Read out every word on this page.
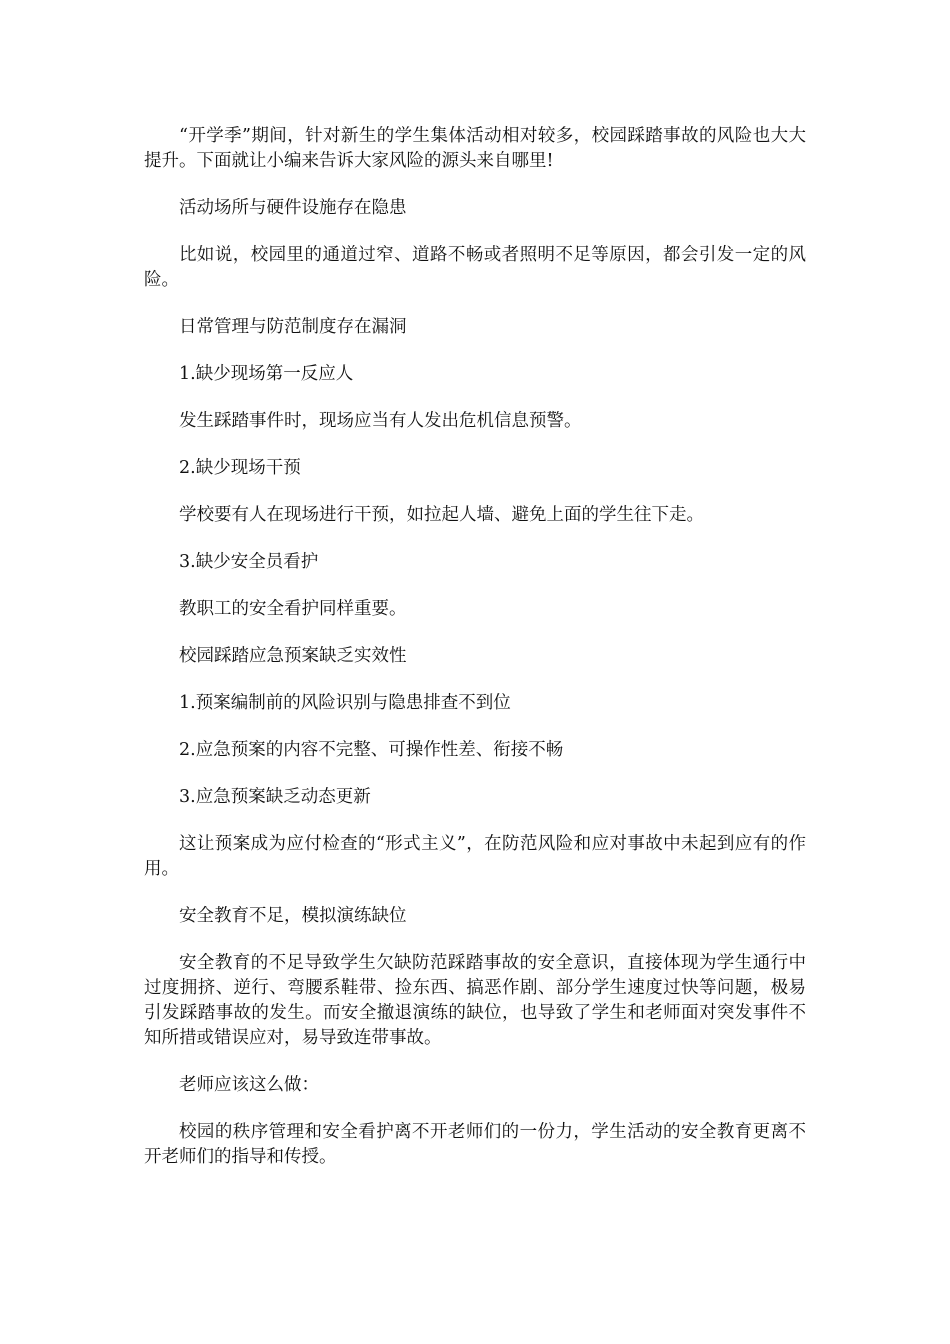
“开学季”期间，针对新生的学生集体活动相对较多，校园踩踏事故的风险也大大提升。下面就让小编来告诉大家风险的源头来自哪里!

活动场所与硬件设施存在隐患

比如说，校园里的通道过窄、道路不畅或者照明不足等原因，都会引发一定的风险。

日常管理与防范制度存在漏洞

1.缺少现场第一反应人

发生踩踏事件时，现场应当有人发出危机信息预警。

2.缺少现场干预

学校要有人在现场进行干预，如拉起人墙、避免上面的学生往下走。

3.缺少安全员看护

教职工的安全看护同样重要。

校园踩踏应急预案缺乏实效性

1.预案编制前的风险识别与隐患排查不到位

2.应急预案的内容不完整、可操作性差、衔接不畅

3.应急预案缺乏动态更新

这让预案成为应付检查的“形式主义”，在防范风险和应对事故中未起到应有的作用。

安全教育不足，模拟演练缺位

安全教育的不足导致学生欠缺防范踩踏事故的安全意识，直接体现为学生通行中过度拥挤、逆行、弯腰系鞋带、捡东西、搞恶作剧、部分学生速度过快等问题，极易引发踩踏事故的发生。而安全撤退演练的缺位，也导致了学生和老师面对突发事件不知所措或错误应对，易导致连带事故。

老师应该这么做：

校园的秩序管理和安全看护离不开老师们的一份力，学生活动的安全教育更离不开老师们的指导和传授。
